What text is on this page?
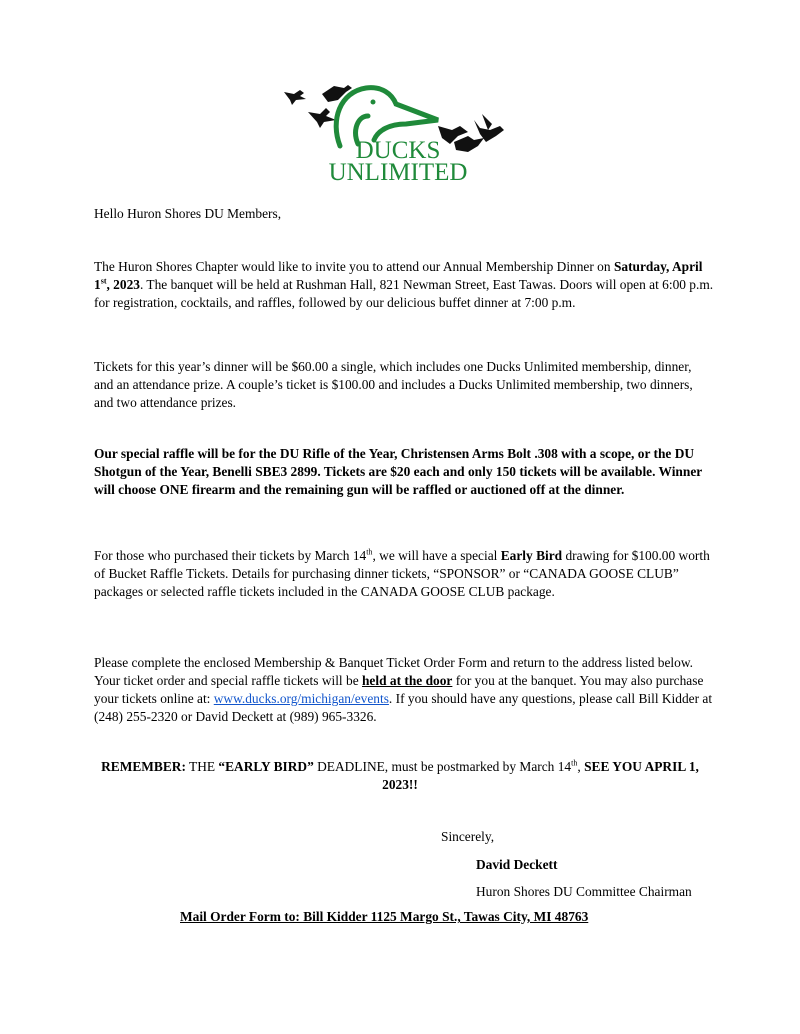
DUCKS
UNLIMITED

Hello Huron Shores DU Members,

The Huron Shores Chapter would like to invite you to attend our Annual Membership Dinner on Saturday, April 1st, 2023. The banquet will be held at Rushman Hall, 821 Newman Street, East Tawas. Doors will open at 6:00 p.m. for registration, cocktails, and raffles, followed by our delicious buffet dinner at 7:00 p.m.

Tickets for this year’s dinner will be $60.00 a single, which includes one Ducks Unlimited membership, dinner, and an attendance prize. A couple’s ticket is $100.00 and includes a Ducks Unlimited membership, two dinners, and two attendance prizes.

Our special raffle will be for the DU Rifle of the Year, Christensen Arms Bolt .308 with a scope, or the DU Shotgun of the Year, Benelli SBE3 2899. Tickets are $20 each and only 150 tickets will be available. Winner will choose ONE firearm and the remaining gun will be raffled or auctioned off at the dinner.

For those who purchased their tickets by March 14th, we will have a special Early Bird drawing for $100.00 worth of Bucket Raffle Tickets. Details for purchasing dinner tickets, “SPONSOR” or “CANADA GOOSE CLUB” packages or selected raffle tickets included in the CANADA GOOSE CLUB package.

Please complete the enclosed Membership & Banquet Ticket Order Form and return to the address listed below. Your ticket order and special raffle tickets will be held at the door for you at the banquet. You may also purchase your tickets online at: www.ducks.org/michigan/events. If you should have any questions, please call Bill Kidder at (248) 255-2320 or David Deckett at (989) 965-3326.

REMEMBER: THE “EARLY BIRD” DEADLINE, must be postmarked by March 14th, SEE YOU APRIL 1, 2023!!

Sincerely,

David Deckett

Huron Shores DU Committee Chairman

Mail Order Form to: Bill Kidder 1125 Margo St., Tawas City, MI 48763
